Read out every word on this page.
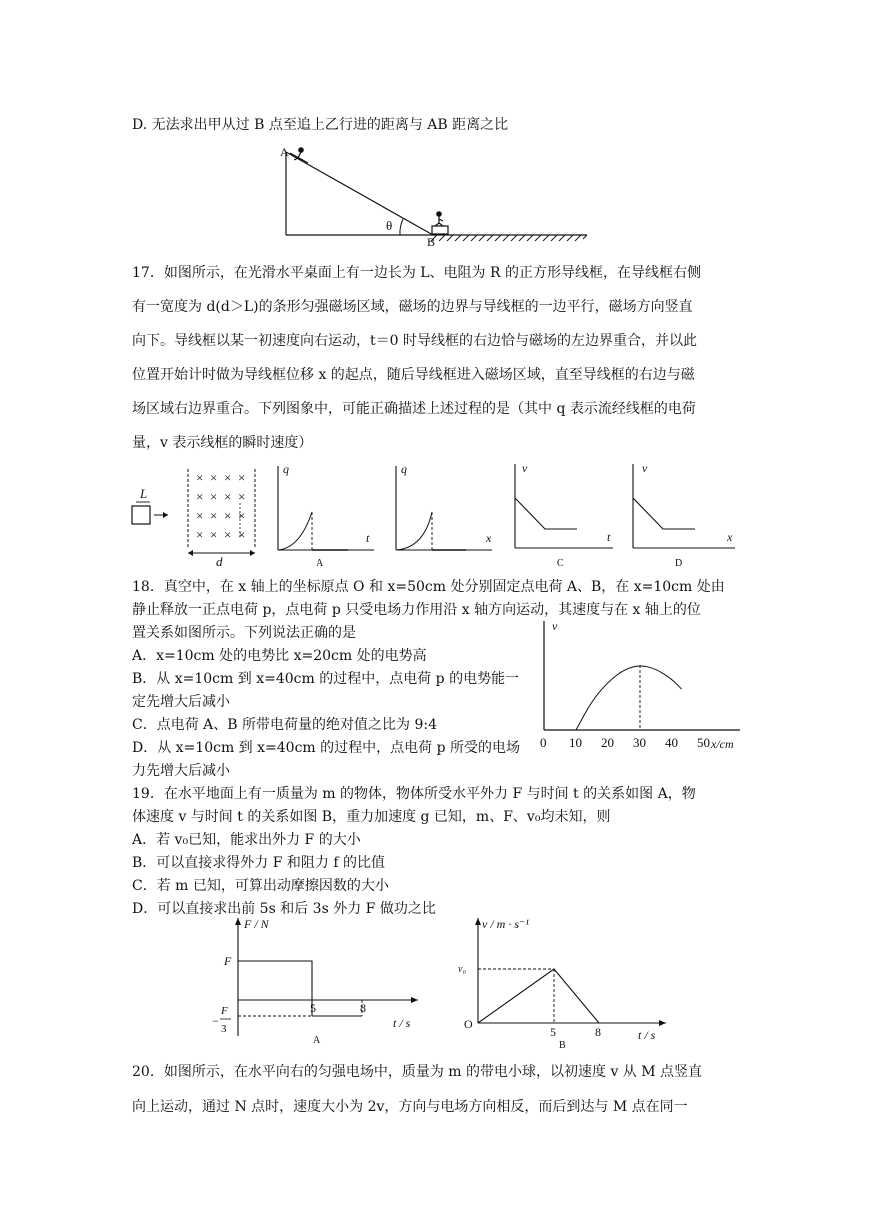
D. 无法求出甲从过 B 点至追上乙行进的距离与 AB 距离之比
A
B
θ
17．如图所示，在光滑水平桌面上有一边长为 L、电阻为 R 的正方形导线框，在导线框右侧
有一宽度为 d(d＞L)的条形匀强磁场区域，磁场的边界与导线框的一边平行，磁场方向竖直
向下。导线框以某一初速度向右运动，t＝0 时导线框的右边恰与磁场的左边界重合，并以此
位置开始计时做为导线框位移 x 的起点，随后导线框进入磁场区域，直至导线框的右边与磁
场区域右边界重合。下列图象中，可能正确描述上述过程的是（其中 q 表示流经线框的电荷
量，v 表示线框的瞬时速度）
L
× × × ×
× × × ×
× × × ×
× × × ×
d
q
t
A
q
x
v
t
C
v
x
D
18．真空中，在 x 轴上的坐标原点 O 和 x=50cm 处分别固定点电荷 A、B，在 x=10cm 处由
静止释放一正点电荷 p，点电荷 p 只受电场力作用沿 x 轴方向运动，其速度与在 x 轴上的位
置关系如图所示。下列说法正确的是
A．x=10cm 处的电势比 x=20cm 处的电势高
B．从 x=10cm 到 x=40cm 的过程中，点电荷 p 的电势能一
定先增大后减小
C．点电荷 A、B 所带电荷量的绝对值之比为 9:4
D．从 x=10cm 到 x=40cm 的过程中，点电荷 p 所受的电场
力先增大后减小
v
x/cm
0 10 20 30 40 50
19．在水平地面上有一质量为 m 的物体，物体所受水平外力 F 与时间 t 的关系如图 A，物
体速度 v 与时间 t 的关系如图 B，重力加速度 g 已知，m、F、v₀均未知，则
A．若 v₀已知，能求出外力 F 的大小
B．可以直接求得外力 F 和阻力 f 的比值
C．若 m 已知，可算出动摩擦因数的大小
D．可以直接求出前 5s 和后 3s 外力 F 做功之比
F / N
F
5	8
−
F
3	t / s
A
v / m · s⁻¹
v₀
O
5	8	t / s
B
20．如图所示，在水平向右的匀强电场中，质量为 m 的带电小球，以初速度 v 从 M 点竖直
向上运动，通过 N 点时，速度大小为 2v，方向与电场方向相反，而后到达与 M 点在同一
